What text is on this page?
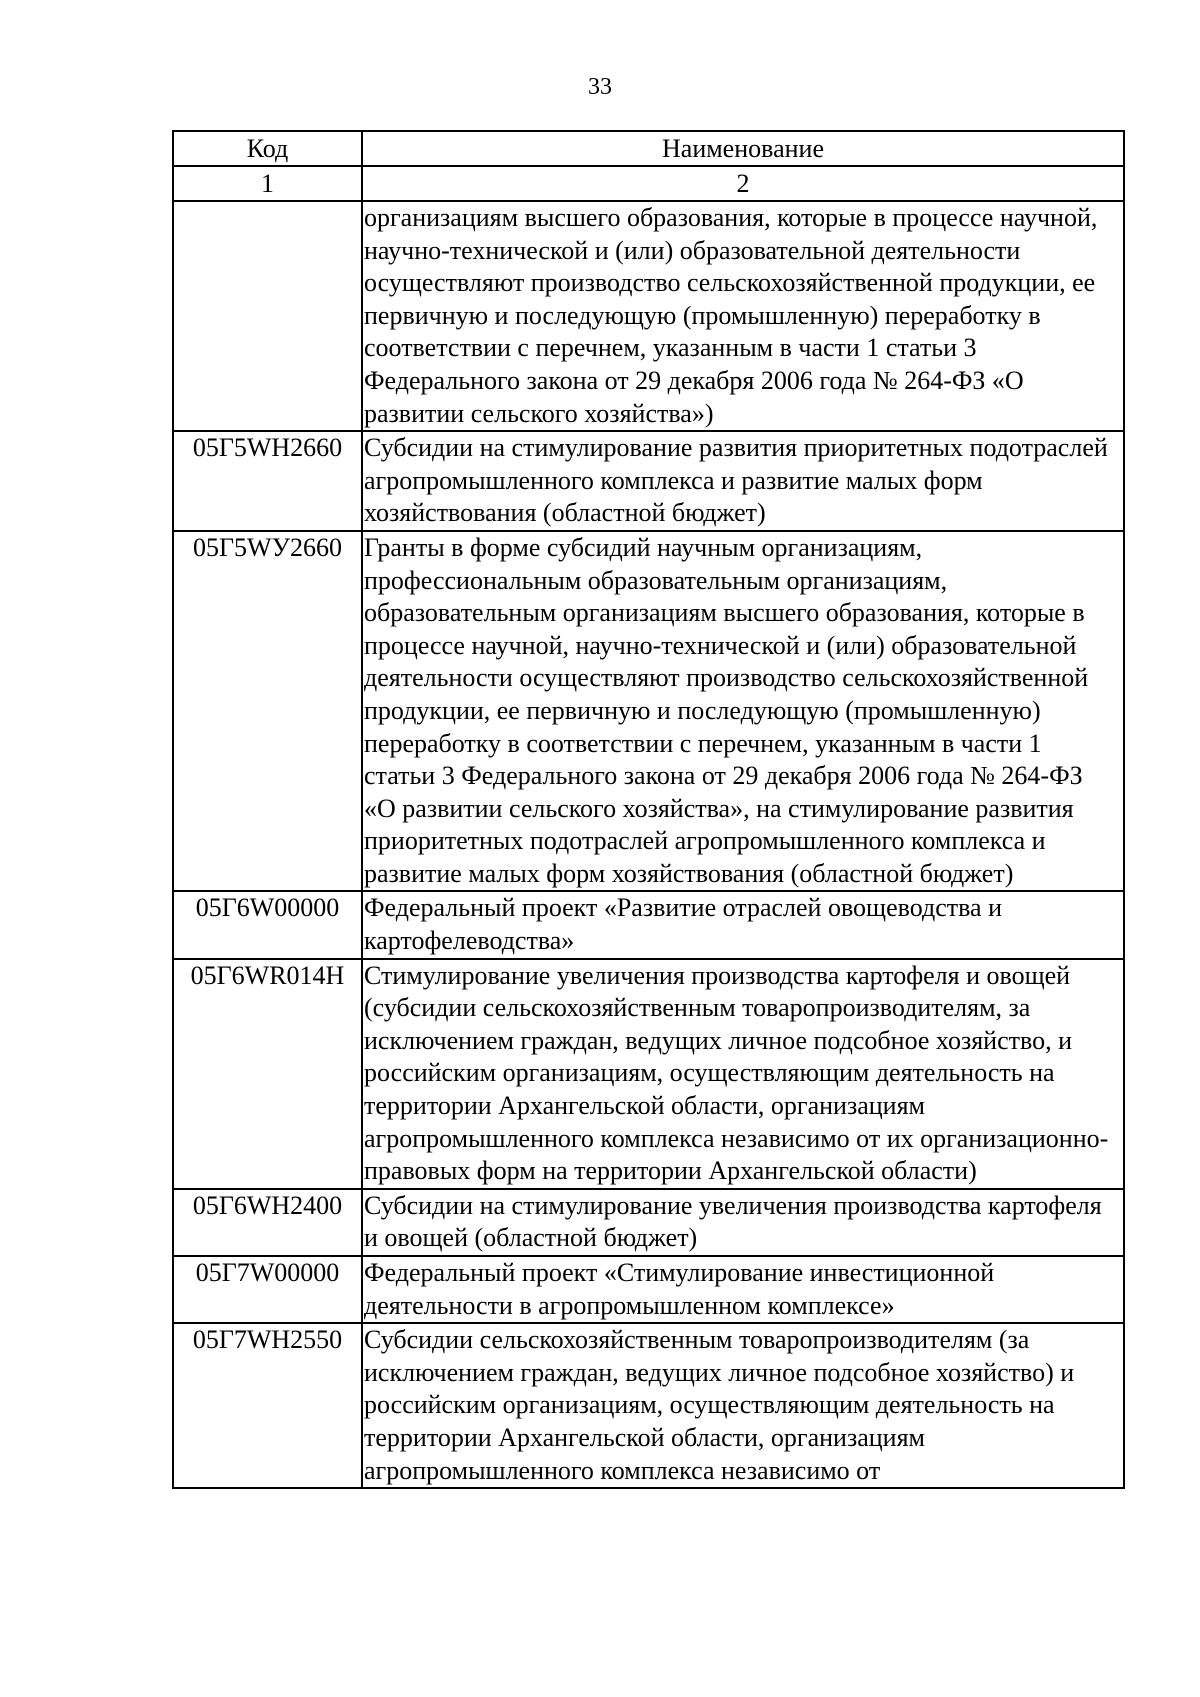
33
Код	Наименование
1	2
	организациям высшего образования, которые в процессе научной, научно-технической и (или) образовательной деятельности осуществляют производство сельскохозяйственной продукции, ее первичную и последующую (промышленную) переработку в соответствии с перечнем, указанным в части 1 статьи 3 Федерального закона от 29 декабря 2006 года № 264-ФЗ «О развитии сельского хозяйства»)
05Г5WН2660	Субсидии на стимулирование развития приоритетных подотраслей агропромышленного комплекса и развитие малых форм хозяйствования (областной бюджет)
05Г5WУ2660	Гранты в форме субсидий научным организациям, профессиональным образовательным организациям, образовательным организациям высшего образования, которые в процессе научной, научно-технической и (или) образовательной деятельности осуществляют производство сельскохозяйственной продукции, ее первичную и последующую (промышленную) переработку в соответствии с перечнем, указанным в части 1 статьи 3 Федерального закона от 29 декабря 2006 года № 264-ФЗ «О развитии сельского хозяйства», на стимулирование развития приоритетных подотраслей агропромышленного комплекса и развитие малых форм хозяйствования (областной бюджет)
05Г6W00000	Федеральный проект «Развитие отраслей овощеводства и картофелеводства»
05Г6WR014Н	Стимулирование увеличения производства картофеля и овощей (субсидии сельскохозяйственным товаропроизводителям, за исключением граждан, ведущих личное подсобное хозяйство, и российским организациям, осуществляющим деятельность на территории Архангельской области, организациям агропромышленного комплекса независимо от их организационно-правовых форм на территории Архангельской области)
05Г6WН2400	Субсидии на стимулирование увеличения производства картофеля и овощей (областной бюджет)
05Г7W00000	Федеральный проект «Стимулирование инвестиционной деятельности в агропромышленном комплексе»
05Г7WН2550	Субсидии сельскохозяйственным товаропроизводителям (за исключением граждан, ведущих личное подсобное хозяйство) и российским организациям, осуществляющим деятельность на территории Архангельской области, организациям агропромышленного комплекса независимо от
